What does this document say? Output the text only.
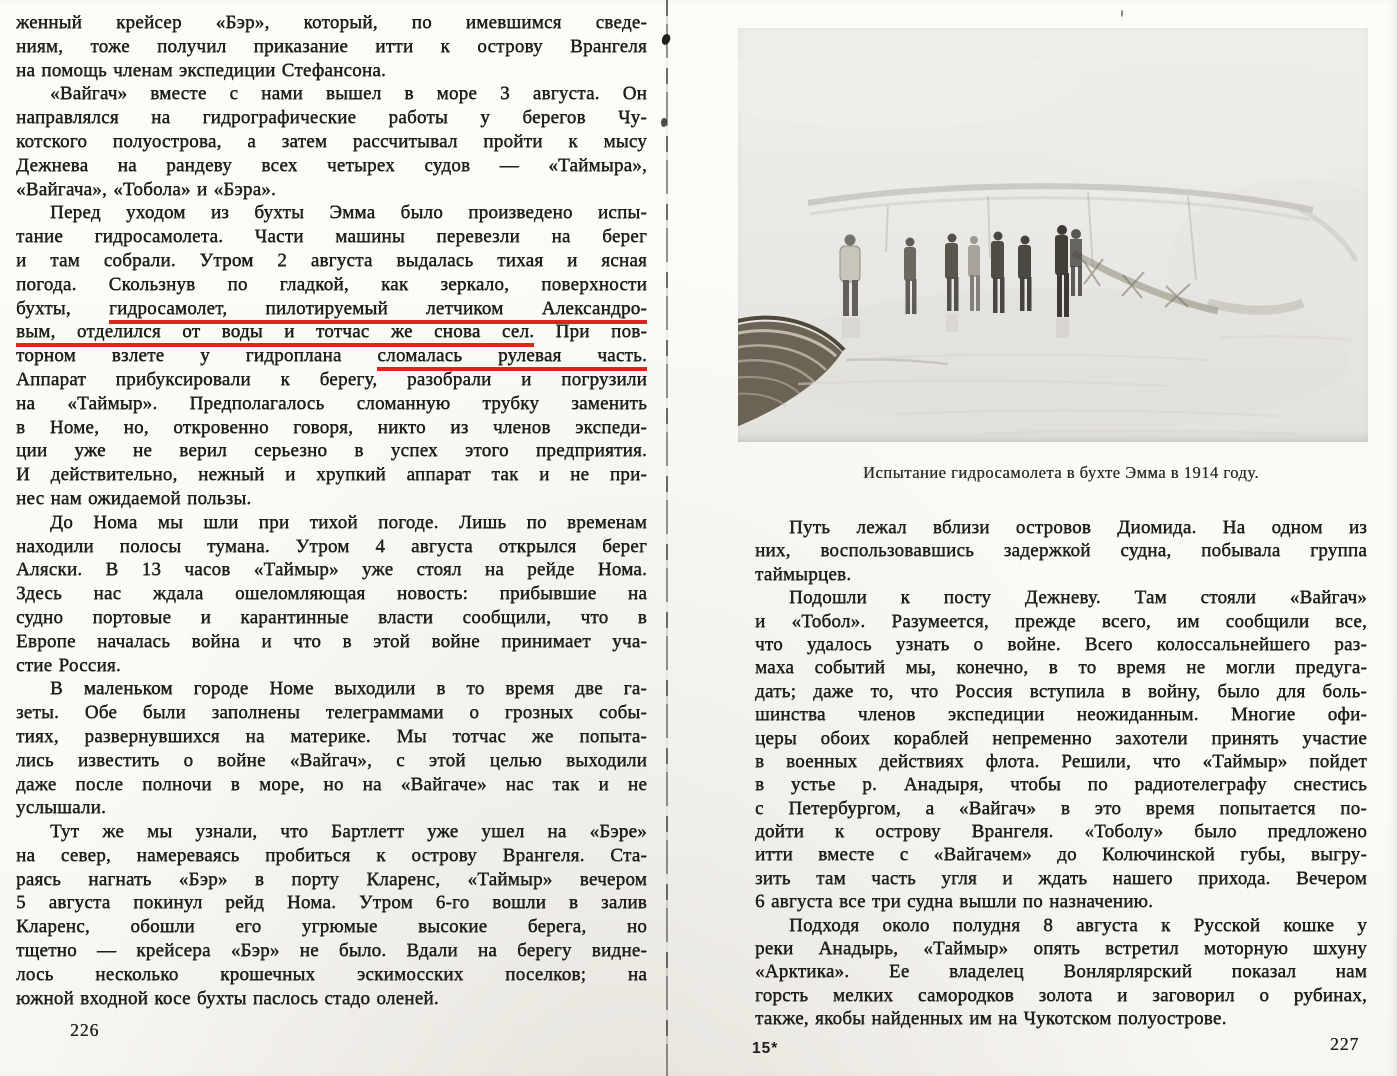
женный крейсер «Бэр», который, по имевшимся сведе-
ниям, тоже получил приказание итти к острову Врангеля
на помощь членам экспедиции Стефансона.
«Вайгач» вместе с нами вышел в море 3 августа. Он
направлялся на гидрографические работы у берегов Чу-
котского полуострова, а затем рассчитывал пройти к мысу
Дежнева на рандеву всех четырех судов — «Таймыра»,
«Вайгача», «Тобола» и «Бэра».
Перед уходом из бухты Эмма было произведено испы-
тание гидросамолета. Части машины перевезли на берег
и там собрали. Утром 2 августа выдалась тихая и ясная
погода. Скользнув по гладкой, как зеркало, поверхности
бухты, гидросамолет, пилотируемый летчиком Александро-
вым, отделился от воды и тотчас же снова сел. При пов-
торном взлете у гидроплана сломалась рулевая часть.
Аппарат прибуксировали к берегу, разобрали и погрузили
на «Таймыр». Предполагалось сломанную трубку заменить
в Номе, но, откровенно говоря, никто из членов экспеди-
ции уже не верил серьезно в успех этого предприятия.
И действительно, нежный и хрупкий аппарат так и не при-
нес нам ожидаемой пользы.
До Нома мы шли при тихой погоде. Лишь по временам
находили полосы тумана. Утром 4 августа открылся берег
Аляски. В 13 часов «Таймыр» уже стоял на рейде Нома.
Здесь нас ждала ошеломляющая новость: прибывшие на
судно портовые и карантинные власти сообщили, что в
Европе началась война и что в этой войне принимает уча-
стие Россия.
В маленьком городе Номе выходили в то время две га-
зеты. Обе были заполнены телеграммами о грозных собы-
тиях, развернувшихся на материке. Мы тотчас же попыта-
лись известить о войне «Вайгач», с этой целью выходили
даже после полночи в море, но на «Вайгаче» нас так и не
услышали.
Тут же мы узнали, что Бартлетт уже ушел на «Бэре»
на север, намереваясь пробиться к острову Врангеля. Ста-
раясь нагнать «Бэр» в порту Кларенс, «Таймыр» вечером
5 августа покинул рейд Нома. Утром 6-го вошли в залив
Кларенс, обошли его угрюмые высокие берега, но
тщетно — крейсера «Бэр» не было. Вдали на берегу видне-
лось несколько крошечных эскимосских поселков; на
южной входной косе бухты паслось стадо оленей.
226
Испытание гидросамолета в бухте Эмма в 1914 году.
Путь лежал вблизи островов Диомида. На одном из
них, воспользовавшись задержкой судна, побывала группа
таймырцев.
Подошли к посту Дежневу. Там стояли «Вайгач»
и «Тобол». Разумеется, прежде всего, им сообщили все,
что удалось узнать о войне. Всего колоссальнейшего раз-
маха событий мы, конечно, в то время не могли предуга-
дать; даже то, что Россия вступила в войну, было для боль-
шинства членов экспедиции неожиданным. Многие офи-
церы обоих кораблей непременно захотели принять участие
в военных действиях флота. Решили, что «Таймыр» пойдет
в устье р. Анадыря, чтобы по радиотелеграфу снестись
с Петербургом, а «Вайгач» в это время попытается по-
дойти к острову Врангеля. «Тоболу» было предложено
итти вместе с «Вайгачем» до Колючинской губы, выгру-
зить там часть угля и ждать нашего прихода. Вечером
6 августа все три судна вышли по назначению.
Подходя около полудня 8 августа к Русской кошке у
реки Анадырь, «Таймыр» опять встретил моторную шхуну
«Арктика». Ее владелец Вонлярлярский показал нам
горсть мелких самородков золота и заговорил о рубинах,
также, якобы найденных им на Чукотском полуострове.
15*	227
